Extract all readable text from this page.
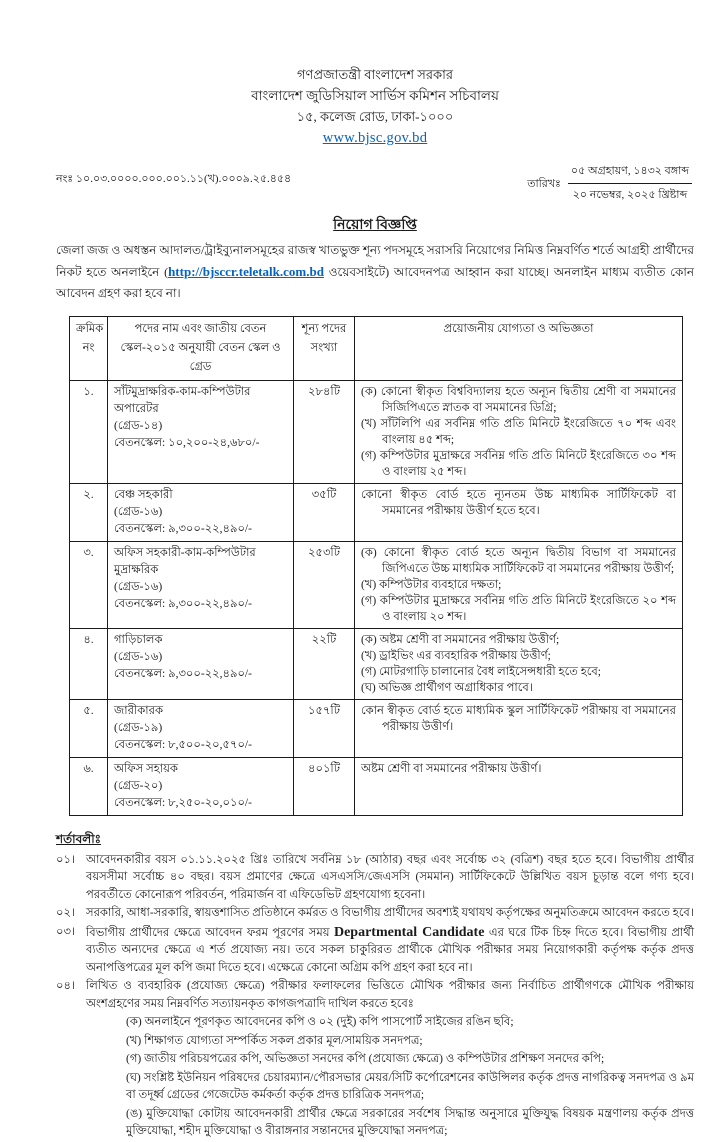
গণপ্রজাতন্ত্রী বাংলাদেশ সরকার
বাংলাদেশ জুডিসিয়াল সার্ভিস কমিশন সচিবালয়
১৫, কলেজ রোড, ঢাকা-১০০০
www.bjsc.gov.bd
নংঃ ১০.০৩.০০০০.০০০.০০১.১১(খ).০০০৯.২৫.৪৫৪	তারিখঃ
০৫ অগ্রহায়ণ, ১৪৩২ বঙ্গাব্দ
২০ নভেম্বর, ২০২৫ খ্রিষ্টাব্দ
নিয়োগ বিজ্ঞপ্তি
জেলা জজ ও অধস্তন আদালত/ট্রাইব্যুনালসমূহের রাজস্ব খাতভুক্ত শূন্য পদসমূহে সরাসরি নিয়োগের নিমিত্ত নিম্নবর্ণিত শর্তে আগ্রহী প্রার্থীদের নিকট হতে অনলাইনে (http://bjsccr.teletalk.com.bd ওয়েবসাইটে) আবেদনপত্র আহ্বান করা যাচ্ছে। অনলাইন মাধ্যম ব্যতীত কোন আবেদন গ্রহণ করা হবে না।
ক্রমিক নং	পদের নাম এবং জাতীয় বেতন স্কেল-২০১৫ অনুযায়ী বেতন স্কেল ও গ্রেড	শূন্য পদের সংখ্যা	প্রয়োজনীয় যোগ্যতা ও অভিজ্ঞতা
১.	সাঁটমুদ্রাক্ষরিক-কাম-কম্পিউটার অপারেটর
(গ্রেড-১৪)
বেতনস্কেল: ১০,২০০-২৪,৬৮০/-
	২৮৪টি	(ক) কোনো স্বীকৃত বিশ্ববিদ্যালয় হতে অন্যূন দ্বিতীয় শ্রেণী বা সমমানের সিজিপিএতে স্নাতক বা সমমানের ডিগ্রি;
(খ) সাঁটলিপি এর সর্বনিম্ন গতি প্রতি মিনিটে ইংরেজিতে ৭০ শব্দ এবং বাংলায় ৪৫ শব্দ;
(গ) কম্পিউটার মুদ্রাক্ষরে সর্বনিম্ন গতি প্রতি মিনিটে ইংরেজিতে ৩০ শব্দ ও বাংলায় ২৫ শব্দ।

২.	বেঞ্চ সহকারী
(গ্রেড-১৬)
বেতনস্কেল: ৯,৩০০-২২,৪৯০/-	৩৫টি	কোনো স্বীকৃত বোর্ড হতে ন্যূনতম উচ্চ মাধ্যমিক সার্টিফিকেট বা সমমানের পরীক্ষায় উত্তীর্ণ হতে হবে।

৩.	অফিস সহকারী-কাম-কম্পিউটার মুদ্রাক্ষরিক
(গ্রেড-১৬)
বেতনস্কেল: ৯,৩০০-২২,৪৯০/-
	২৫৩টি	(ক) কোনো স্বীকৃত বোর্ড হতে অন্যূন দ্বিতীয় বিভাগ বা সমমানের জিপিএতে উচ্চ মাধ্যমিক সার্টিফিকেট বা সমমানের পরীক্ষায় উত্তীর্ণ;
(খ) কম্পিউটার ব্যবহারে দক্ষতা;
(গ) কম্পিউটার মুদ্রাক্ষরে সর্বনিম্ন গতি প্রতি মিনিটে ইংরেজিতে ২০ শব্দ ও বাংলায় ২০ শব্দ।

৪.	গাড়িচালক
(গ্রেড-১৬)
বেতনস্কেল: ৯,৩০০-২২,৪৯০/-
	২২টি	(ক) অষ্টম শ্রেণী বা সমমানের পরীক্ষায় উত্তীর্ণ;
(খ) ড্রাইভিং এর ব্যবহারিক পরীক্ষায় উত্তীর্ণ;
(গ) মোটরগাড়ি চালানোর বৈধ লাইসেন্সধারী হতে হবে;
(ঘ) অভিজ্ঞ প্রার্থীগণ অগ্রাধিকার পাবে।

৫.	জারীকারক
(গ্রেড-১৯)
বেতনস্কেল: ৮,৫০০-২০,৫৭০/-	১৫৭টি	কোন স্বীকৃত বোর্ড হতে মাধ্যমিক স্কুল সার্টিফিকেট পরীক্ষায় বা সমমানের পরীক্ষায় উত্তীর্ণ।

৬.	অফিস সহায়ক
(গ্রেড-২০)
বেতনস্কেল: ৮,২৫০-২০,০১০/-	৪০১টি	অষ্টম শ্রেণী বা সমমানের পরীক্ষায় উত্তীর্ণ।
শর্তাবলীঃ
০১। আবেদনকারীর বয়স ০১.১১.২০২৫ খ্রিঃ তারিখে সর্বনিম্ন ১৮ (আঠার) বছর এবং সর্বোচ্চ ৩২ (বত্রিশ) বছর হতে হবে। বিভাগীয় প্রার্থীর বয়সসীমা সর্বোচ্চ ৪০ বছর। বয়স প্রমাণের ক্ষেত্রে এসএসসি/জেএসসি (সমমান) সার্টিফিকেটে উল্লিখিত বয়স চূড়ান্ত বলে গণ্য হবে। পরবর্তীতে কোনোরূপ পরিবর্তন, পরিমার্জন বা এফিডেভিট গ্রহণযোগ্য হবেনা।
০২। সরকারি, আধা-সরকারি, স্বায়ত্তশাসিত প্রতিষ্ঠানে কর্মরত ও বিভাগীয় প্রার্থীদের অবশ্যই যথাযথ কর্তৃপক্ষের অনুমতিক্রমে আবেদন করতে হবে।
০৩। বিভাগীয় প্রার্থীদের ক্ষেত্রে আবেদন ফরম পূরণের সময় Departmental Candidate এর ঘরে টিক চিহ্ন দিতে হবে। বিভাগীয় প্রার্থী ব্যতীত অন্যদের ক্ষেত্রে এ শর্ত প্রযোজ্য নয়। তবে সকল চাকুরিরত প্রার্থীকে মৌখিক পরীক্ষার সময় নিয়োগকারী কর্তৃপক্ষ কর্তৃক প্রদত্ত অনাপত্তিপত্রের মূল কপি জমা দিতে হবে। এক্ষেত্রে কোনো অগ্রিম কপি গ্রহণ করা হবে না।
০৪। লিখিত ও ব্যবহারিক (প্রযোজ্য ক্ষেত্রে) পরীক্ষার ফলাফলের ভিত্তিতে মৌখিক পরীক্ষার জন্য নির্বাচিত প্রার্থীগণকে মৌখিক পরীক্ষায় অংশগ্রহণের সময় নিম্নবর্ণিত সত্যায়নকৃত কাগজপত্রাদি দাখিল করতে হবেঃ
(ক) অনলাইনে পূরণকৃত আবেদনের কপি ও ০২ (দুই) কপি পাসপোর্ট সাইজের রঙিন ছবি;
(খ) শিক্ষাগত যোগ্যতা সম্পর্কিত সকল প্রকার মূল/সাময়িক সনদপত্র;
(গ) জাতীয় পরিচয়পত্রের কপি, অভিজ্ঞতা সনদের কপি (প্রযোজ্য ক্ষেত্রে) ও কম্পিউটার প্রশিক্ষণ সনদের কপি;
(ঘ) সংশ্লিষ্ট ইউনিয়ন পরিষদের চেয়ারম্যান/পৌরসভার মেয়র/সিটি কর্পোরেশনের কাউন্সিলর কর্তৃক প্রদত্ত নাগরিকত্ব সনদপত্র ও ৯ম বা তদূর্ধ্ব গ্রেডের গেজেটেড কর্মকর্তা কর্তৃক প্রদত্ত চারিত্রিক সনদপত্র;
(ঙ) মুক্তিযোদ্ধা কোটায় আবেদনকারী প্রার্থীর ক্ষেত্রে সরকারের সর্বশেষ সিদ্ধান্ত অনুসারে মুক্তিযুদ্ধ বিষয়ক মন্ত্রণালয় কর্তৃক প্রদত্ত মুক্তিযোদ্ধা, শহীদ মুক্তিযোদ্ধা ও বীরাঙ্গনার সন্তানদের মুক্তিযোদ্ধা সনদপত্র;
